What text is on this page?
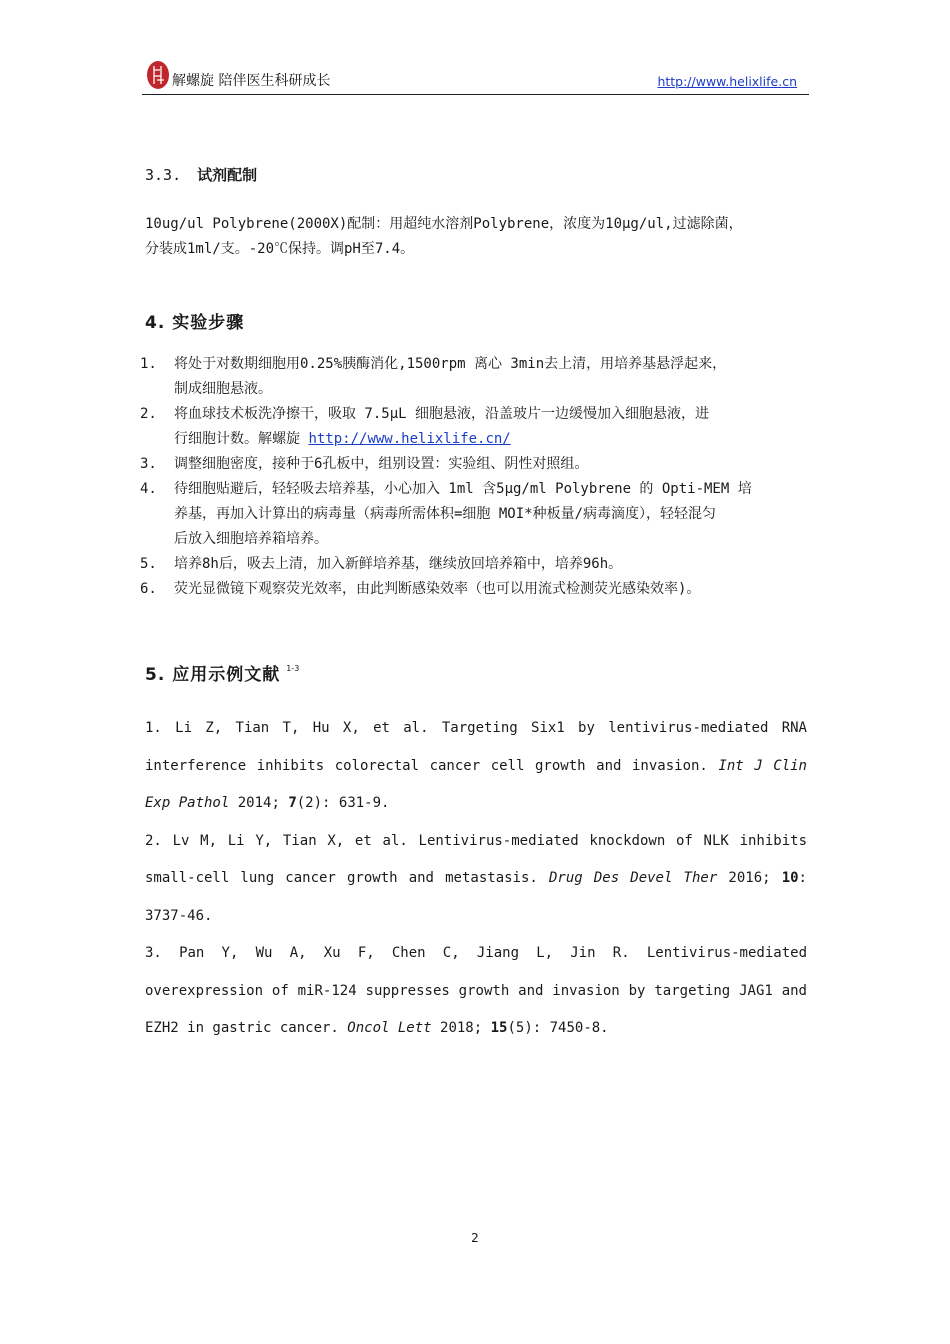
解螺旋 陪伴医生科研成长	http://www.helixlife.cn
3.3. 试剂配制
10ug/ul Polybrene(2000X)配制：用超纯水溶剂Polybrene，浓度为10μg/ul,过滤除菌，
分装成1ml/支。-20℃保持。调pH至7.4。
4. 实验步骤
1. 将处于对数期细胞用0.25%胰酶消化,1500rpm 离心 3min去上清，用培养基悬浮起来，
制成细胞悬液。
2. 将血球技术板洗净擦干，吸取 7.5μL 细胞悬液，沿盖玻片一边缓慢加入细胞悬液，进
行细胞计数。解螺旋 http://www.helixlife.cn/
3. 调整细胞密度，接种于6孔板中，组别设置：实验组、阴性对照组。
4. 待细胞贴避后，轻轻吸去培养基，小心加入 1ml 含5μg/ml Polybrene 的 Opti-MEM 培
养基，再加入计算出的病毒量（病毒所需体积=细胞 MOI*种板量/病毒滴度），轻轻混匀
后放入细胞培养箱培养。
5. 培养8h后，吸去上清，加入新鲜培养基，继续放回培养箱中，培养96h。
6. 荧光显微镜下观察荧光效率，由此判断感染效率（也可以用流式检测荧光感染效率)。
5. 应用示例文献 $^{1-3}$
1. Li Z, Tian T, Hu X, et al. Targeting Six1 by lentivirus-mediated RNA interference inhibits colorectal cancer cell growth and invasion. Int J Clin Exp Pathol 2014; 7(2): 631-9.
2. Lv M, Li Y, Tian X, et al. Lentivirus-mediated knockdown of NLK inhibits small-cell lung cancer growth and metastasis. Drug Des Devel Ther 2016; 10: 3737-46.
3. Pan Y, Wu A, Xu F, Chen C, Jiang L, Jin R. Lentivirus-mediated overexpression of miR-124 suppresses growth and invasion by targeting JAG1 and EZH2 in gastric cancer. Oncol Lett 2018; 15(5): 7450-8.
2
